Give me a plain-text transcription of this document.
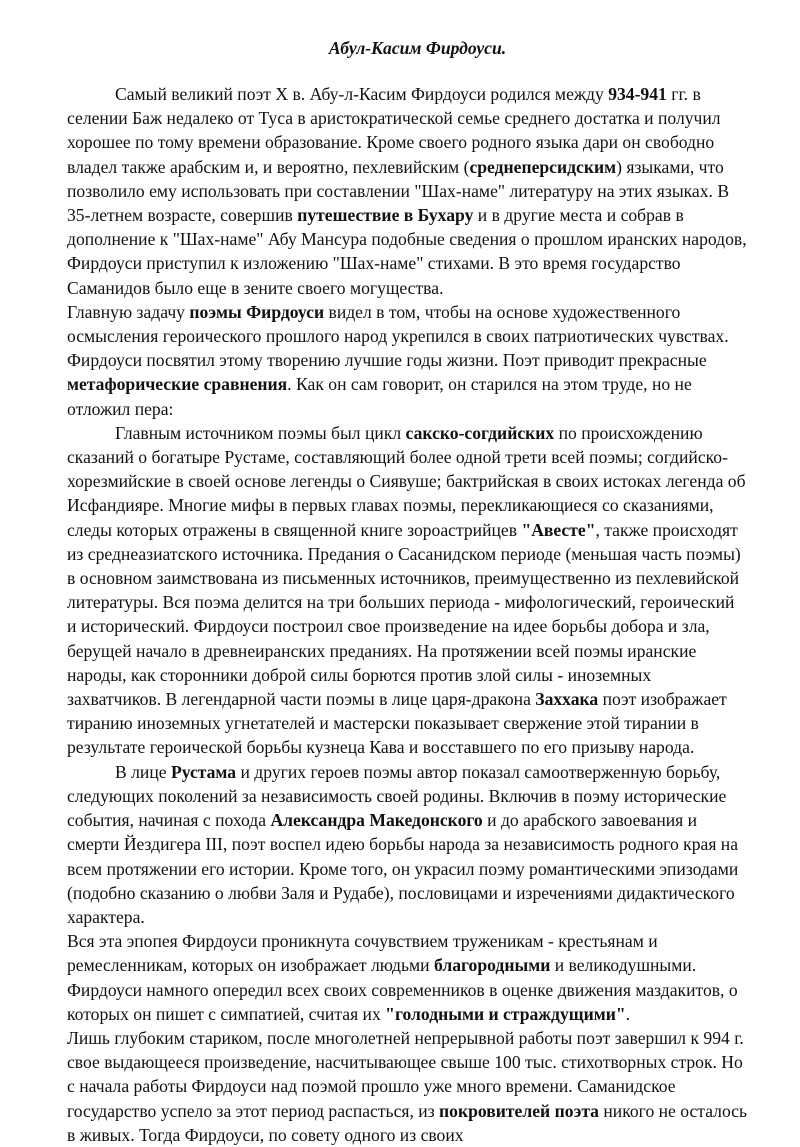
Абул-Касим Фирдоуси.

Самый великий поэт Х в. Абу-л-Касим Фирдоуси родился между 934-941 гг. в селении Баж недалеко от Туса в аристократической семье среднего достатка и получил хорошее по тому времени образование. Кроме своего родного языка дари он свободно владел также арабским и, и вероятно, пехлевийским (среднеперсидским) языками, что позволило ему использовать при составлении "Шах-наме" литературу на этих языках. В 35-летнем возрасте, совершив путешествие в Бухару и в другие места и собрав в дополнение к "Шах-наме" Абу Мансура подобные сведения о прошлом иранских народов, Фирдоуси приступил к изложению "Шах-наме" стихами. В это время государство Саманидов было еще в зените своего могущества.

Главную задачу поэмы Фирдоуси видел в том, чтобы на основе художественного осмысления героического прошлого народ укрепился в своих патриотических чувствах. Фирдоуси посвятил этому творению лучшие годы жизни. Поэт приводит прекрасные метафорические сравнения. Как он сам говорит, он старился на этом труде, но не отложил пера:

Главным источником поэмы был цикл сакско-согдийских по происхождению сказаний о богатыре Рустаме, составляющий более одной трети всей поэмы; согдийско-хорезмийские в своей основе легенды о Сиявуше; бактрийская в своих истоках легенда об Исфандияре. Многие мифы в первых главах поэмы, перекликающиеся со сказаниями, следы которых отражены в священной книге зороастрийцев "Авесте", также происходят из среднеазиатского источника. Предания о Сасанидском периоде (меньшая часть поэмы) в основном заимствована из письменных источников, преимущественно из пехлевийской литературы. Вся поэма делится на три больших периода - мифологический, героический и исторический. Фирдоуси построил свое произведение на идее борьбы добора и зла, берущей начало в древнеиранских преданиях. На протяжении всей поэмы иранские народы, как сторонники доброй силы борются против злой силы - иноземных захватчиков. В легендарной части поэмы в лице царя-дракона Заххака поэт изображает тиранию иноземных угнетателей и мастерски показывает свержение этой тирании в результате героической борьбы кузнеца Кава и восставшего по его призыву народа.

В лице Рустама и других героев поэмы автор показал самоотверженную борьбу, следующих поколений за независимость своей родины. Включив в поэму исторические события, начиная с похода Александра Македонского и до арабского завоевания и смерти Йездигера III, поэт воспел идею борьбы народа за независимость родного края на всем протяжении его истории. Кроме того, он украсил поэму романтическими эпизодами (подобно сказанию о любви Заля и Рудабе), пословицами и изречениями дидактического характера.

Вся эта эпопея Фирдоуси проникнута сочувствием труженикам - крестьянам и ремесленникам, которых он изображает людьми благородными и великодушными. Фирдоуси намного опередил всех своих современников в оценке движения маздакитов, о которых он пишет с симпатией, считая их "голодными и страждущими".

Лишь глубоким стариком, после многолетней непрерывной работы поэт завершил к 994 г. свое выдающееся произведение, насчитывающее свыше 100 тыс. стихотворных строк. Но с начала работы Фирдоуси над поэмой прошло уже много времени. Саманидское государство успело за этот период распасться, из покровителей поэта никого не осталось в живых. Тогда Фирдоуси, по совету одного из своих
